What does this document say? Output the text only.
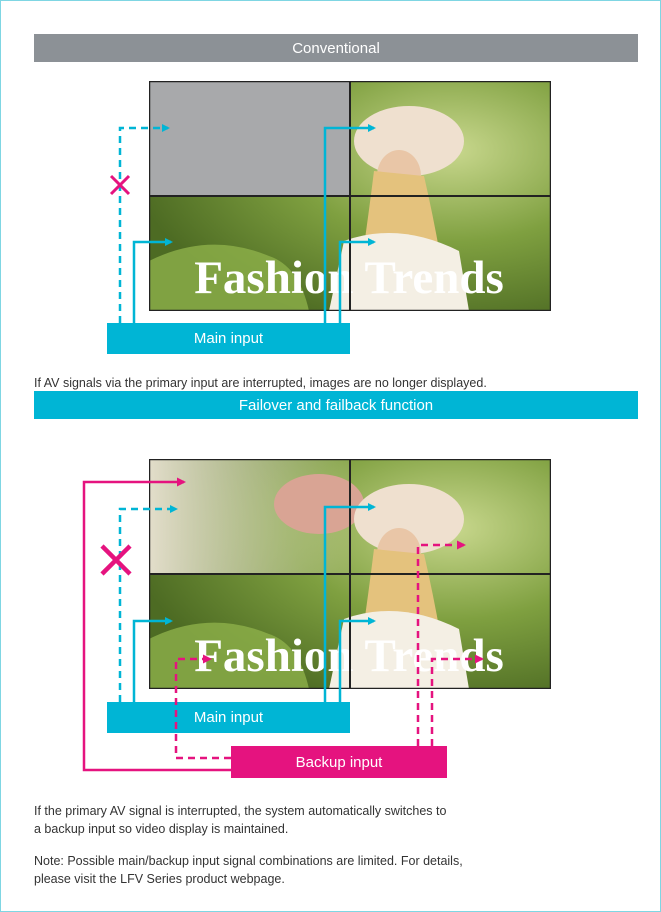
Conventional
Fashion Trends
Main input
If AV signals via the primary input are interrupted, images are no longer displayed.
Failover and failback function
Fashion Trends
Main input
Backup input
If the primary AV signal is interrupted, the system automatically switches to
a backup input so video display is maintained.
Note: Possible main/backup input signal combinations are limited. For details,
please visit the LFV Series product webpage.
